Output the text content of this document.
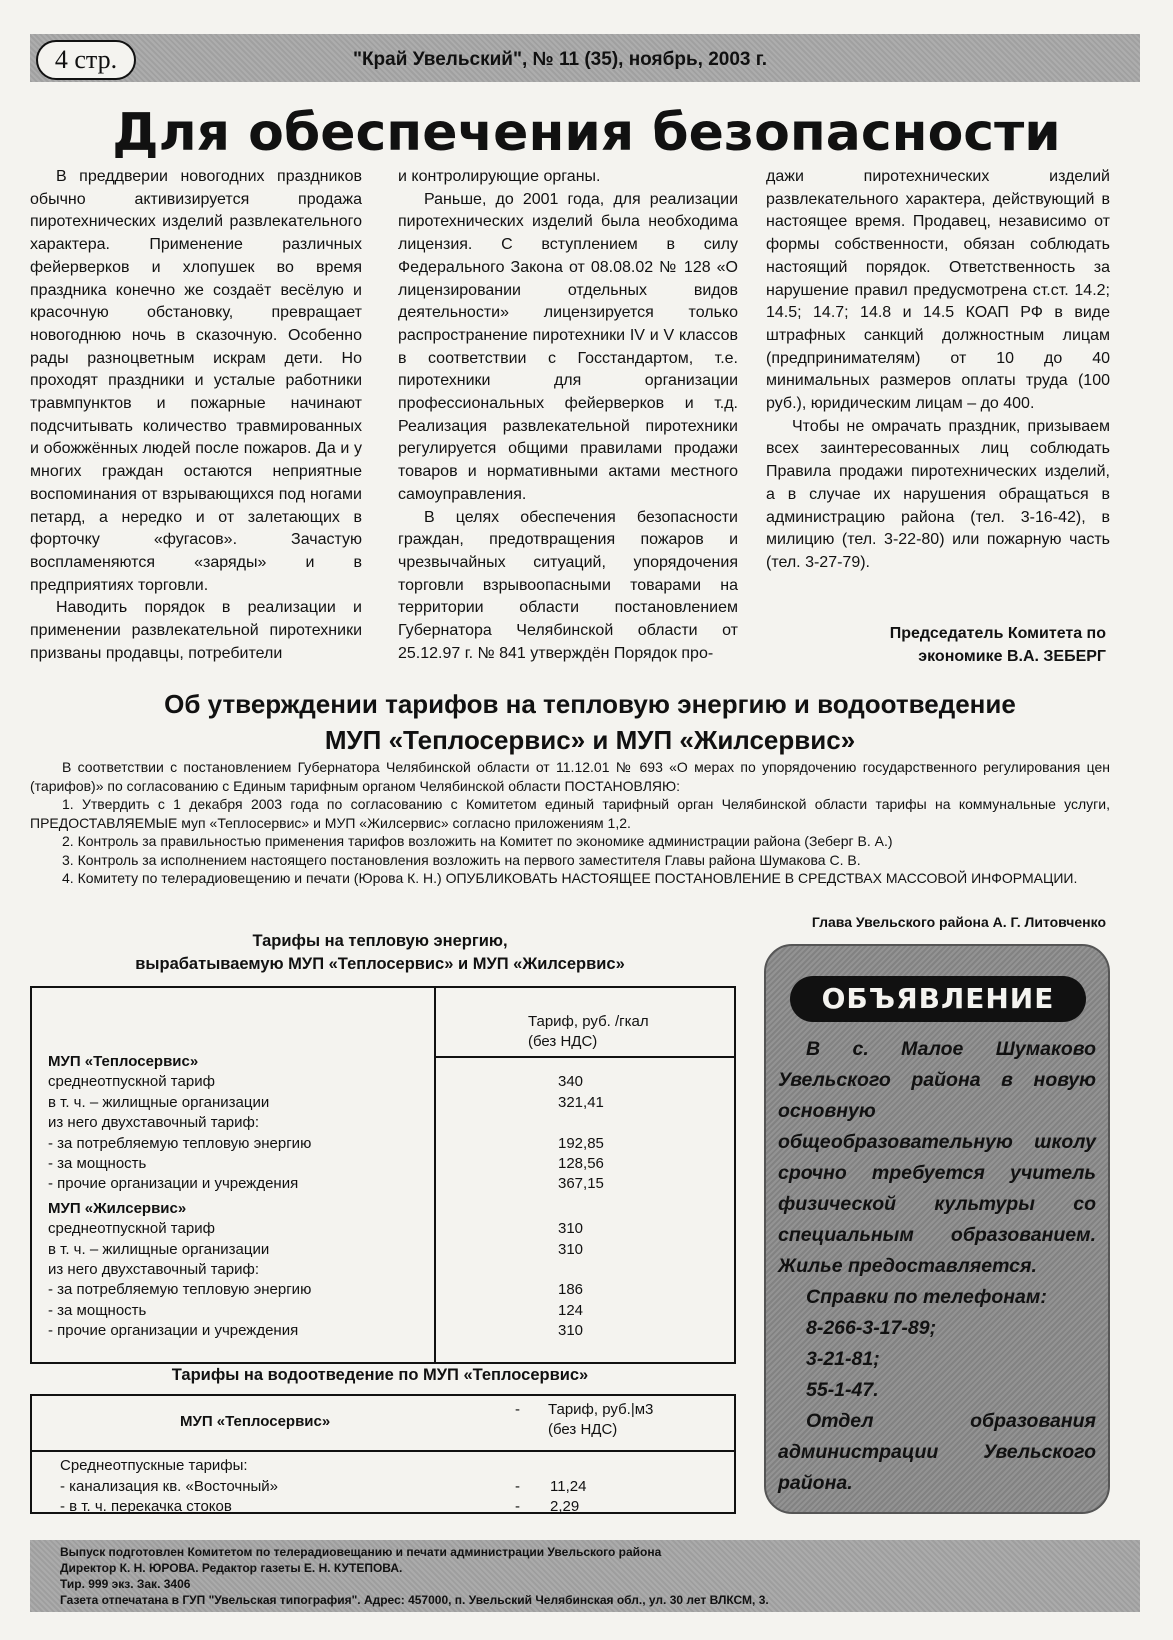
4 стр.	"Край Увельский", № 11 (35), ноябрь, 2003 г.
Для обеспечения безопасности

В преддверии новогодних праздников обычно активизируется продажа пиротехнических изделий развлекательного характера. Применение различных фейерверков и хлопушек во время праздника конечно же создаёт весёлую и красочную обстановку, превращает новогоднюю ночь в сказочную. Особенно рады разноцветным искрам дети. Но проходят праздники и усталые работники травмпунктов и пожарные начинают подсчитывать количество травмированных и обожжённых людей после пожаров. Да и у многих граждан остаются неприятные воспоминания от взрывающихся под ногами петард, а нередко и от залетающих в форточку «фугасов». Зачастую воспламеняются «заряды» и в предприятиях торговли.

Наводить порядок в реализации и применении развлекательной пиротехники призваны продавцы, потребители

и контролирующие органы.

Раньше, до 2001 года, для реализации пиротехнических изделий была необходима лицензия. С вступлением в силу Федерального Закона от 08.08.02 № 128 «О лицензировании отдельных видов деятельности» лицензируется только распространение пиротехники IV и V классов в соответствии с Госстандартом, т.е. пиротехники для организации профессиональных фейерверков и т.д. Реализация развлекательной пиротехники регулируется общими правилами продажи товаров и нормативными актами местного самоуправления.

В целях обеспечения безопасности граждан, предотвращения пожаров и чрезвычайных ситуаций, упорядочения торговли взрывоопасными товарами на территории области постановлением Губернатора Челябинской области от 25.12.97 г. № 841 утверждён Порядок про-

дажи пиротехнических изделий развлекательного характера, действующий в настоящее время. Продавец, независимо от формы собственности, обязан соблюдать настоящий порядок. Ответственность за нарушение правил предусмотрена ст.ст. 14.2; 14.5; 14.7; 14.8 и 14.5 КОАП РФ в виде штрафных санкций должностным лицам (предпринимателям) от 10 до 40 минимальных размеров оплаты труда (100 руб.), юридическим лицам – до 400.

Чтобы не омрачать праздник, призываем всех заинтересованных лиц соблюдать Правила продажи пиротехнических изделий, а в случае их нарушения обращаться в администрацию района (тел. 3-16-42), в милицию (тел. 3-22-80) или пожарную часть (тел. 3-27-79).

Председатель Комитета по
экономике В.А. ЗЕБЕРГ
Об утверждении тарифов на тепловую энергию и водоотведение
МУП «Теплосервис» и МУП «Жилсервис»

В соответствии с постановлением Губернатора Челябинской области от 11.12.01 № 693 «О мерах по упорядочению государственного регулирования цен (тарифов)» по согласованию с Единым тарифным органом Челябинской области ПОСТАНОВЛЯЮ:

1. Утвердить с 1 декабря 2003 года по согласованию с Комитетом единый тарифный орган Челябинской области тарифы на коммунальные услуги, ПРЕДОСТАВЛЯЕМЫЕ муп «Теплосервис» и МУП «Жилсервис» согласно приложениям 1,2.

2. Контроль за правильностью применения тарифов возложить на Комитет по экономике администрации района (Зеберг В. А.)

3. Контроль за исполнением настоящего постановления возложить на первого заместителя Главы района Шумакова С. В.

4. Комитету по телерадиовещению и печати (Юрова К. Н.) ОПУБЛИКОВАТЬ НАСТОЯЩЕЕ ПОСТАНОВЛЕНИЕ В СРЕДСТВАХ МАССОВОЙ ИНФОРМАЦИИ.

Глава Увельского района А. Г. Литовченко
Тарифы на тепловую энергию,
вырабатываемую МУП «Теплосервис» и МУП «Жилсервис»
Тариф, руб. /гкал
(без НДС)
МУП «Теплосервис»
среднеотпускной тариф	340
в т. ч. – жилищные организации	321,41
из него двухставочный тариф:
- за потребляемую тепловую энергию	192,85
- за мощность	128,56
- прочие организации и учреждения	367,15
МУП «Жилсервис»
среднеотпускной тариф	310
в т. ч. – жилищные организации	310
из него двухставочный тариф:
- за потребляемую тепловую энергию	186
- за мощность	124
- прочие организации и учреждения	310
Тарифы на водоотведение по МУП «Теплосервис»
МУП «Теплосервис»
- Тариф, руб.|м3
(без НДС)
Среднеотпускные тарифы:
- канализация кв. «Восточный»	- 11,24
- в т. ч. перекачка стоков	- 2,29
ОБЪЯВЛЕНИЕ

В с. Малое Шумаково Увельского района в новую основную общеобразовательную школу срочно требуется учитель физической культуры со специальным образованием. Жилье предоставляется.

Справки по телефонам:

8-266-3-17-89;

3-21-81;

55-1-47.

Отдел образования администрации Увельского района.

Выпуск подготовлен Комитетом по телерадиовещанию и печати администрации Увельского района
Директор К. Н. ЮРОВА. Редактор газеты Е. Н. КУТЕПОВА.
Тир. 999 экз. Зак. 3406
Газета отпечатана в ГУП "Увельская типография". Адрес: 457000, п. Увельский Челябинская обл., ул. 30 лет ВЛКСМ, 3.
